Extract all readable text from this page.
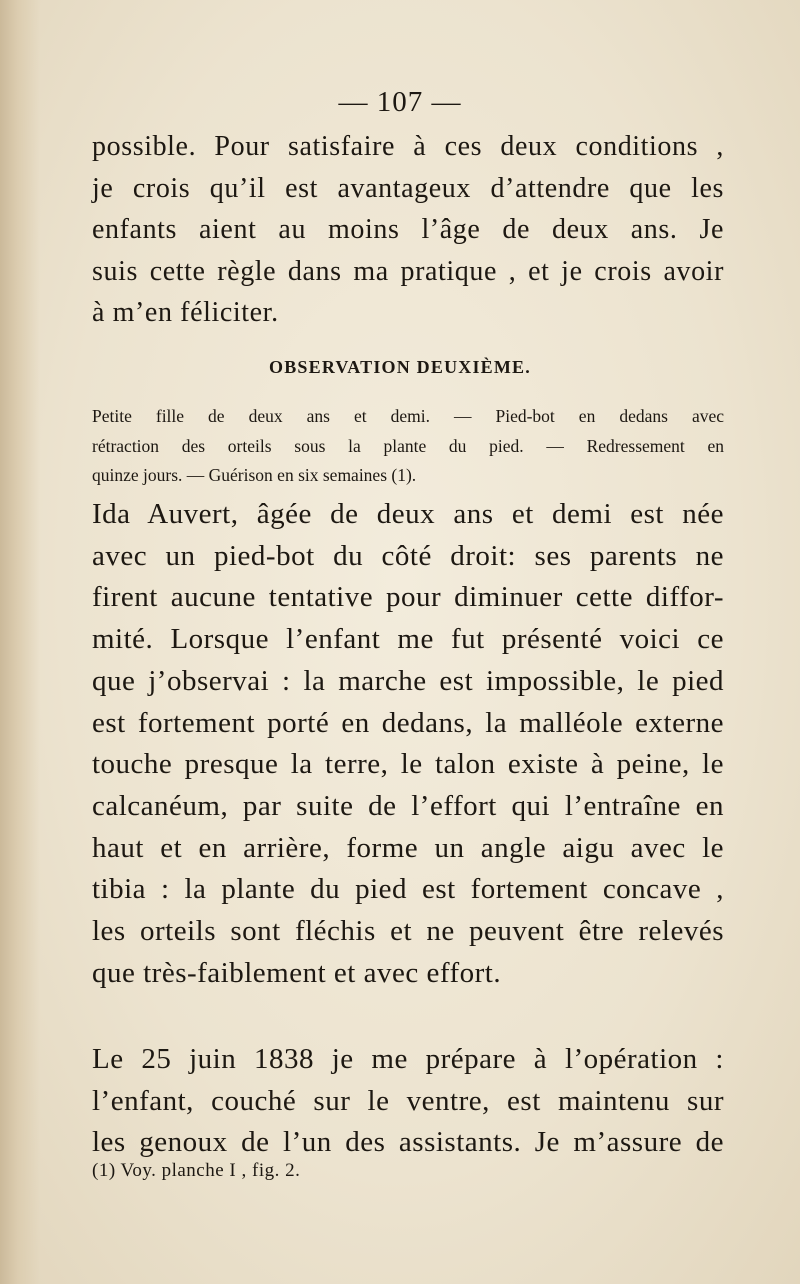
— 107 —
possible. Pour satisfaire à ces deux conditions ,
je crois qu’il est avantageux d’attendre que les
enfants aient au moins l’âge de deux ans. Je
suis cette règle dans ma pratique , et je crois avoir
à m’en féliciter.
OBSERVATION DEUXIÈME.
Petite fille de deux ans et demi. — Pied-bot en dedans avec
rétraction des orteils sous la plante du pied. — Redressement en
quinze jours. — Guérison en six semaines (1).
Ida Auvert, âgée de deux ans et demi est née
avec un pied-bot du côté droit: ses parents ne
firent aucune tentative pour diminuer cette diffor-
mité. Lorsque l’enfant me fut présenté voici ce
que j’observai : la marche est impossible, le pied
est fortement porté en dedans, la malléole externe
touche presque la terre, le talon existe à peine, le
calcanéum, par suite de l’effort qui l’entraîne en
haut et en arrière, forme un angle aigu avec le
tibia : la plante du pied est fortement concave ,
les orteils sont fléchis et ne peuvent être relevés
que très-faiblement et avec effort.
Le 25 juin 1838 je me prépare à l’opération :
l’enfant, couché sur le ventre, est maintenu sur
les genoux de l’un des assistants. Je m’assure de
(1) Voy. planche I , fig. 2.
